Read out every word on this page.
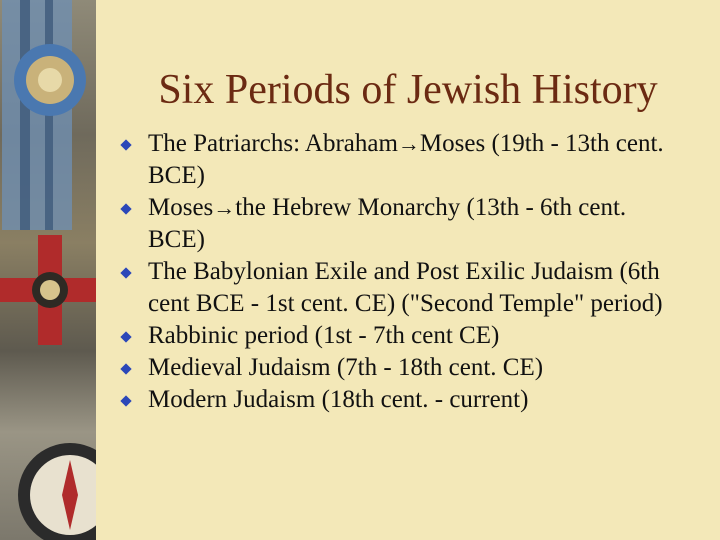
Six Periods of Jewish History
The Patriarchs: Abraham→Moses (19th - 13th cent. BCE)
Moses→the Hebrew Monarchy (13th - 6th cent. BCE)
The Babylonian Exile and Post Exilic Judaism (6th cent BCE - 1st cent. CE) ("Second Temple" period)
Rabbinic period (1st - 7th cent CE)
Medieval Judaism (7th - 18th cent. CE)
Modern Judaism (18th cent. - current)
